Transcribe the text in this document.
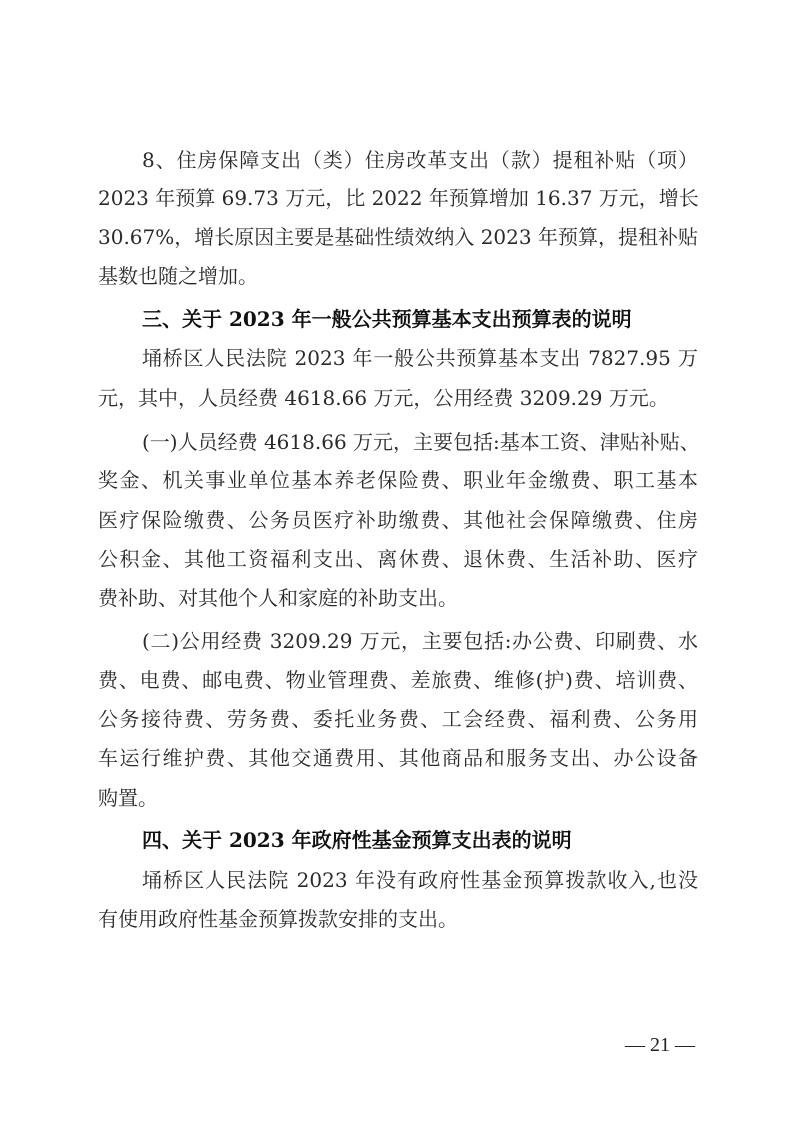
8、住房保障支出（类）住房改革支出（款）提租补贴（项）
2023 年预算 69.73 万元，比 2022 年预算增加 16.37 万元，增长
30.67%，增长原因主要是基础性绩效纳入 2023 年预算，提租补贴
基数也随之增加。
三、关于 2023 年一般公共预算基本支出预算表的说明
埇桥区人民法院 2023 年一般公共预算基本支出 7827.95 万
元，其中，人员经费 4618.66 万元，公用经费 3209.29 万元。
(一)人员经费 4618.66 万元，主要包括:基本工资、津贴补贴、
奖金、机关事业单位基本养老保险费、职业年金缴费、职工基本
医疗保险缴费、公务员医疗补助缴费、其他社会保障缴费、住房
公积金、其他工资福利支出、离休费、退休费、生活补助、医疗
费补助、对其他个人和家庭的补助支出。
(二)公用经费 3209.29 万元，主要包括:办公费、印刷费、水
费、电费、邮电费、物业管理费、差旅费、维修(护)费、培训费、
公务接待费、劳务费、委托业务费、工会经费、福利费、公务用
车运行维护费、其他交通费用、其他商品和服务支出、办公设备
购置。
四、关于 2023 年政府性基金预算支出表的说明
埇桥区人民法院 2023 年没有政府性基金预算拨款收入,也没
有使用政府性基金预算拨款安排的支出。
— 21 —
